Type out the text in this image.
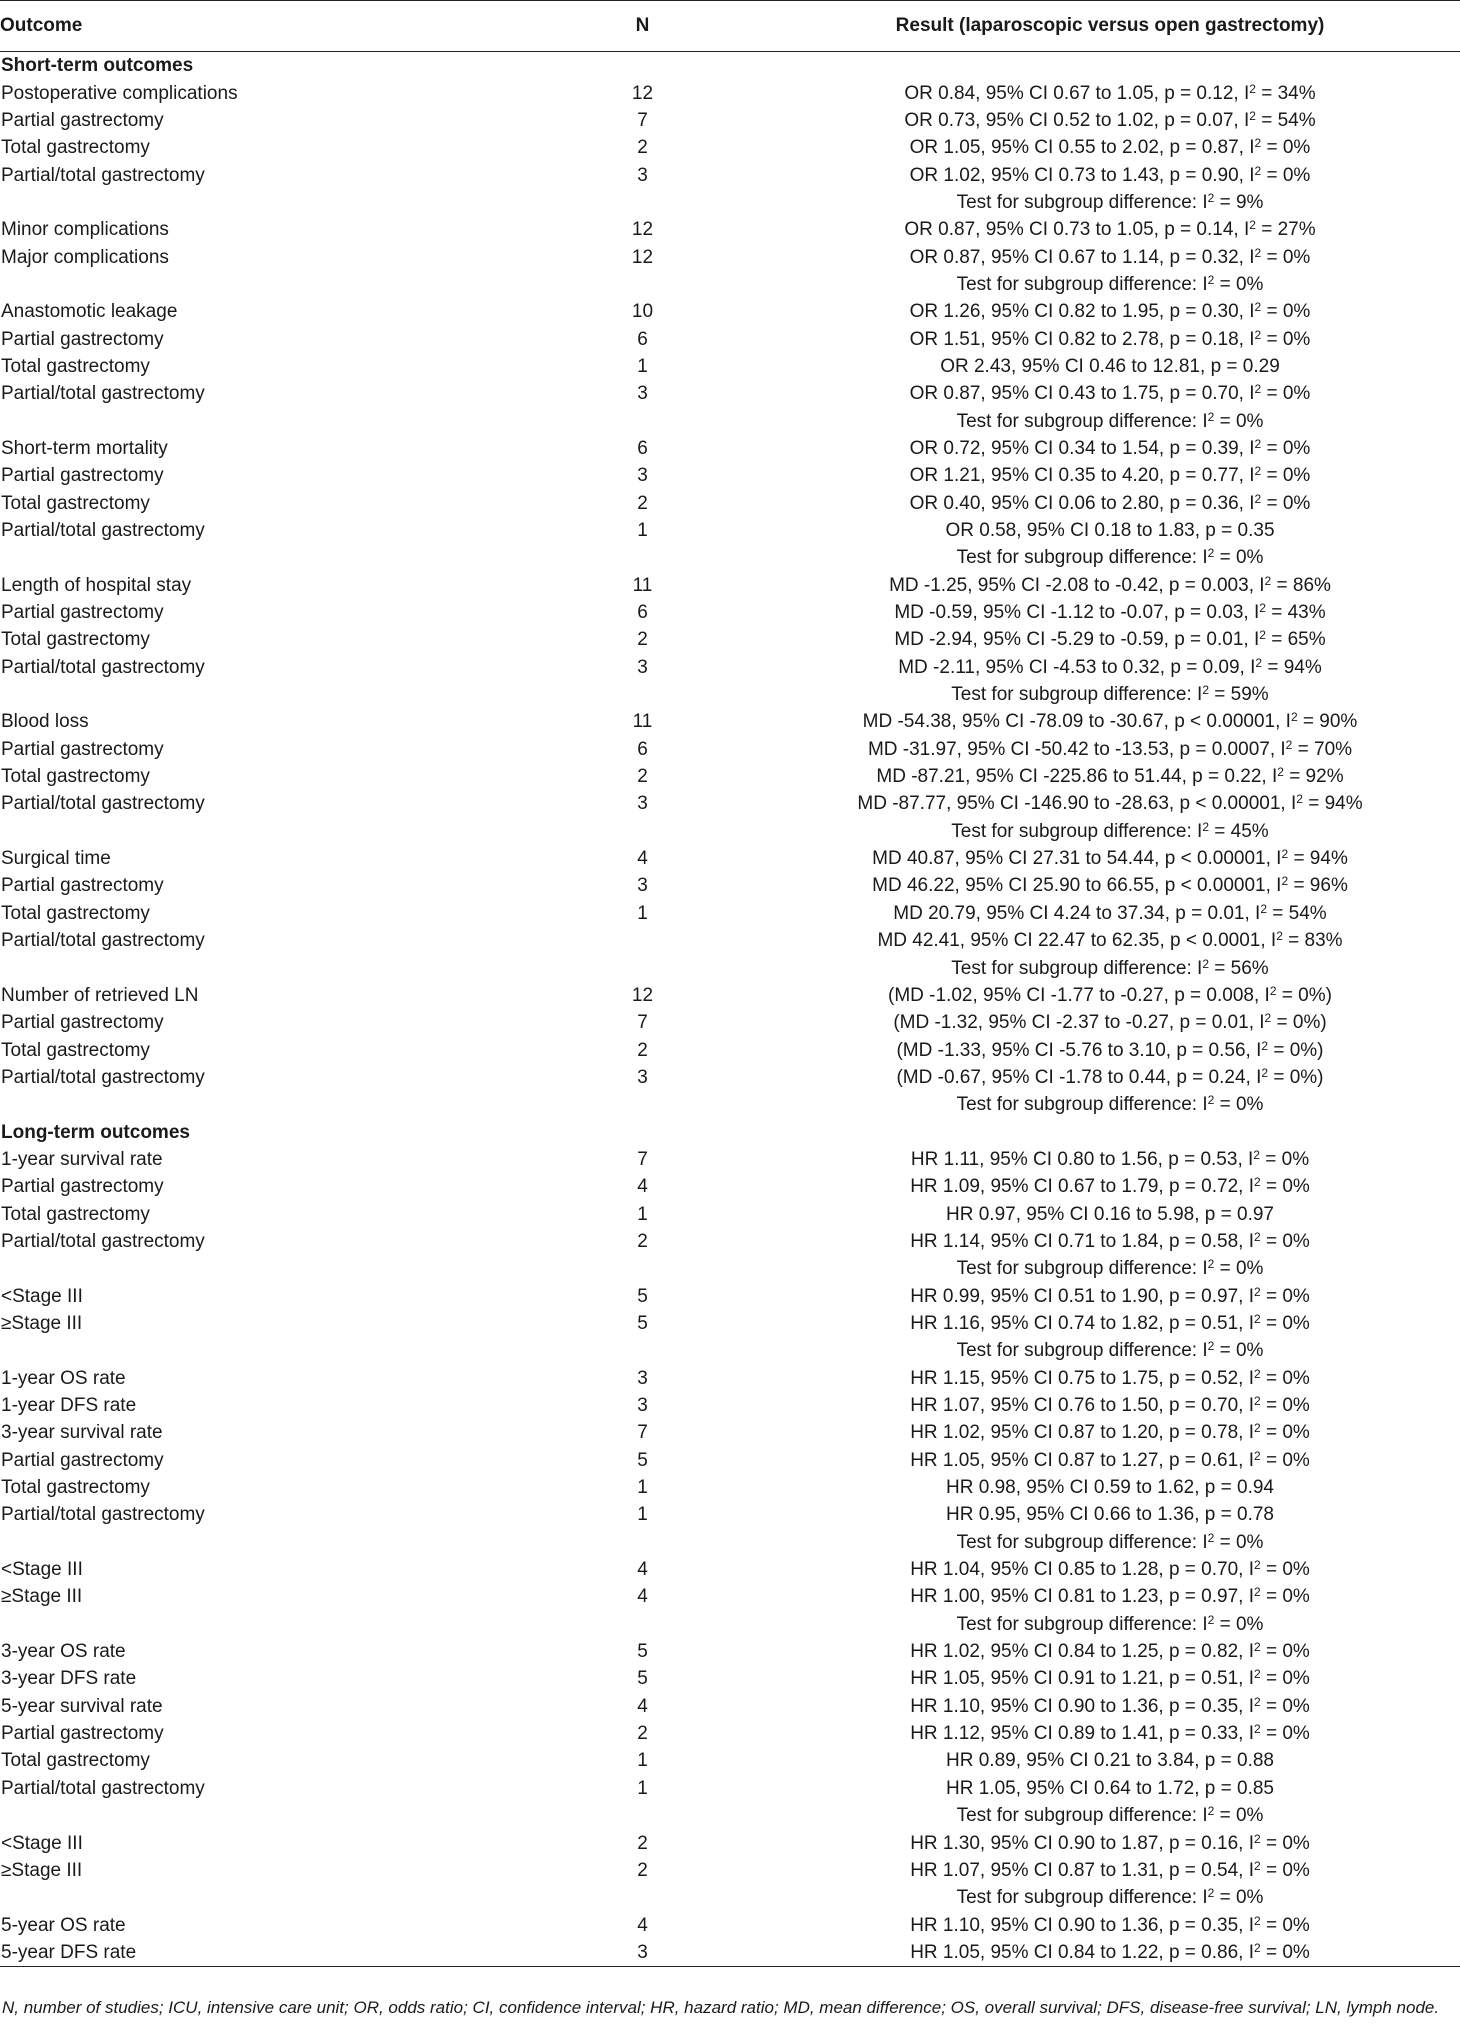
Outcome	N	Result (laparoscopic versus open gastrectomy)
Short-term outcomes		
Postoperative complications	12	OR 0.84, 95% CI 0.67 to 1.05, p = 0.12, $I^2 = 34\%$
Partial gastrectomy	7	OR 0.73, 95% CI 0.52 to 1.02, p = 0.07, $I^2 = 54\%$
Total gastrectomy	2	OR 1.05, 95% CI 0.55 to 2.02, p = 0.87, $I^2 = 0\%$
Partial/total gastrectomy	3	OR 1.02, 95% CI 0.73 to 1.43, p = 0.90, $I^2 = 0\%$
		Test for subgroup difference: $I^2 = 9\%$
Minor complications	12	OR 0.87, 95% CI 0.73 to 1.05, p = 0.14, $I^2 = 27\%$
Major complications	12	OR 0.87, 95% CI 0.67 to 1.14, p = 0.32, $I^2 = 0\%$
		Test for subgroup difference: $I^2 = 0\%$
Anastomotic leakage	10	OR 1.26, 95% CI 0.82 to 1.95, p = 0.30, $I^2 = 0\%$
Partial gastrectomy	6	OR 1.51, 95% CI 0.82 to 2.78, p = 0.18, $I^2 = 0\%$
Total gastrectomy	1	OR 2.43, 95% CI 0.46 to 12.81, p = 0.29
Partial/total gastrectomy	3	OR 0.87, 95% CI 0.43 to 1.75, p = 0.70, $I^2 = 0\%$
		Test for subgroup difference: $I^2 = 0\%$
Short-term mortality	6	OR 0.72, 95% CI 0.34 to 1.54, p = 0.39, $I^2 = 0\%$
Partial gastrectomy	3	OR 1.21, 95% CI 0.35 to 4.20, p = 0.77, $I^2 = 0\%$
Total gastrectomy	2	OR 0.40, 95% CI 0.06 to 2.80, p = 0.36, $I^2 = 0\%$
Partial/total gastrectomy	1	OR 0.58, 95% CI 0.18 to 1.83, p = 0.35
		Test for subgroup difference: $I^2 = 0\%$
Length of hospital stay	11	MD -1.25, 95% CI -2.08 to -0.42, p = 0.003, $I^2 = 86\%$
Partial gastrectomy	6	MD -0.59, 95% CI -1.12 to -0.07, p = 0.03, $I^2 = 43\%$
Total gastrectomy	2	MD -2.94, 95% CI -5.29 to -0.59, p = 0.01, $I^2 = 65\%$
Partial/total gastrectomy	3	MD -2.11, 95% CI -4.53 to 0.32, p = 0.09, $I^2 = 94\%$
		Test for subgroup difference: $I^2 = 59\%$
Blood loss	11	MD -54.38, 95% CI -78.09 to -30.67, p < 0.00001, $I^2 = 90\%$
Partial gastrectomy	6	MD -31.97, 95% CI -50.42 to -13.53, p = 0.0007, $I^2 = 70\%$
Total gastrectomy	2	MD -87.21, 95% CI -225.86 to 51.44, p = 0.22, $I^2 = 92\%$
Partial/total gastrectomy	3	MD -87.77, 95% CI -146.90 to -28.63, p < 0.00001, $I^2 = 94\%$
		Test for subgroup difference: $I^2 = 45\%$
Surgical time	4	MD 40.87, 95% CI 27.31 to 54.44, p < 0.00001, $I^2 = 94\%$
Partial gastrectomy	3	MD 46.22, 95% CI 25.90 to 66.55, p < 0.00001, $I^2 = 96\%$
Total gastrectomy	1	MD 20.79, 95% CI 4.24 to 37.34, p = 0.01, $I^2 = 54\%$
Partial/total gastrectomy		MD 42.41, 95% CI 22.47 to 62.35, p < 0.0001, $I^2 = 83\%$
		Test for subgroup difference: $I^2 = 56\%$
Number of retrieved LN	12	(MD -1.02, 95% CI -1.77 to -0.27, p = 0.008, $I^2 = 0\%$)
Partial gastrectomy	7	(MD -1.32, 95% CI -2.37 to -0.27, p = 0.01, $I^2 = 0\%$)
Total gastrectomy	2	(MD -1.33, 95% CI -5.76 to 3.10, p = 0.56, $I^2 = 0\%$)
Partial/total gastrectomy	3	(MD -0.67, 95% CI -1.78 to 0.44, p = 0.24, $I^2 = 0\%$)
		Test for subgroup difference: $I^2 = 0\%$
Long-term outcomes		
1-year survival rate	7	HR 1.11, 95% CI 0.80 to 1.56, p = 0.53, $I^2 = 0\%$
Partial gastrectomy	4	HR 1.09, 95% CI 0.67 to 1.79, p = 0.72, $I^2 = 0\%$
Total gastrectomy	1	HR 0.97, 95% CI 0.16 to 5.98, p = 0.97
Partial/total gastrectomy	2	HR 1.14, 95% CI 0.71 to 1.84, p = 0.58, $I^2 = 0\%$
		Test for subgroup difference: $I^2 = 0\%$
<Stage III	5	HR 0.99, 95% CI 0.51 to 1.90, p = 0.97, $I^2 = 0\%$
≥Stage III	5	HR 1.16, 95% CI 0.74 to 1.82, p = 0.51, $I^2 = 0\%$
		Test for subgroup difference: $I^2 = 0\%$
1-year OS rate	3	HR 1.15, 95% CI 0.75 to 1.75, p = 0.52, $I^2 = 0\%$
1-year DFS rate	3	HR 1.07, 95% CI 0.76 to 1.50, p = 0.70, $I^2 = 0\%$
3-year survival rate	7	HR 1.02, 95% CI 0.87 to 1.20, p = 0.78, $I^2 = 0\%$
Partial gastrectomy	5	HR 1.05, 95% CI 0.87 to 1.27, p = 0.61, $I^2 = 0\%$
Total gastrectomy	1	HR 0.98, 95% CI 0.59 to 1.62, p = 0.94
Partial/total gastrectomy	1	HR 0.95, 95% CI 0.66 to 1.36, p = 0.78
		Test for subgroup difference: $I^2 = 0\%$
<Stage III	4	HR 1.04, 95% CI 0.85 to 1.28, p = 0.70, $I^2 = 0\%$
≥Stage III	4	HR 1.00, 95% CI 0.81 to 1.23, p = 0.97, $I^2 = 0\%$
		Test for subgroup difference: $I^2 = 0\%$
3-year OS rate	5	HR 1.02, 95% CI 0.84 to 1.25, p = 0.82, $I^2 = 0\%$
3-year DFS rate	5	HR 1.05, 95% CI 0.91 to 1.21, p = 0.51, $I^2 = 0\%$
5-year survival rate	4	HR 1.10, 95% CI 0.90 to 1.36, p = 0.35, $I^2 = 0\%$
Partial gastrectomy	2	HR 1.12, 95% CI 0.89 to 1.41, p = 0.33, $I^2 = 0\%$
Total gastrectomy	1	HR 0.89, 95% CI 0.21 to 3.84, p = 0.88
Partial/total gastrectomy	1	HR 1.05, 95% CI 0.64 to 1.72, p = 0.85
		Test for subgroup difference: $I^2 = 0\%$
<Stage III	2	HR 1.30, 95% CI 0.90 to 1.87, p = 0.16, $I^2 = 0\%$
≥Stage III	2	HR 1.07, 95% CI 0.87 to 1.31, p = 0.54, $I^2 = 0\%$
		Test for subgroup difference: $I^2 = 0\%$
5-year OS rate	4	HR 1.10, 95% CI 0.90 to 1.36, p = 0.35, $I^2 = 0\%$
5-year DFS rate	3	HR 1.05, 95% CI 0.84 to 1.22, p = 0.86, $I^2 = 0\%$
N, number of studies; ICU, intensive care unit; OR, odds ratio; CI, confidence interval; HR, hazard ratio; MD, mean difference; OS, overall survival; DFS, disease-free survival; LN, lymph node.
